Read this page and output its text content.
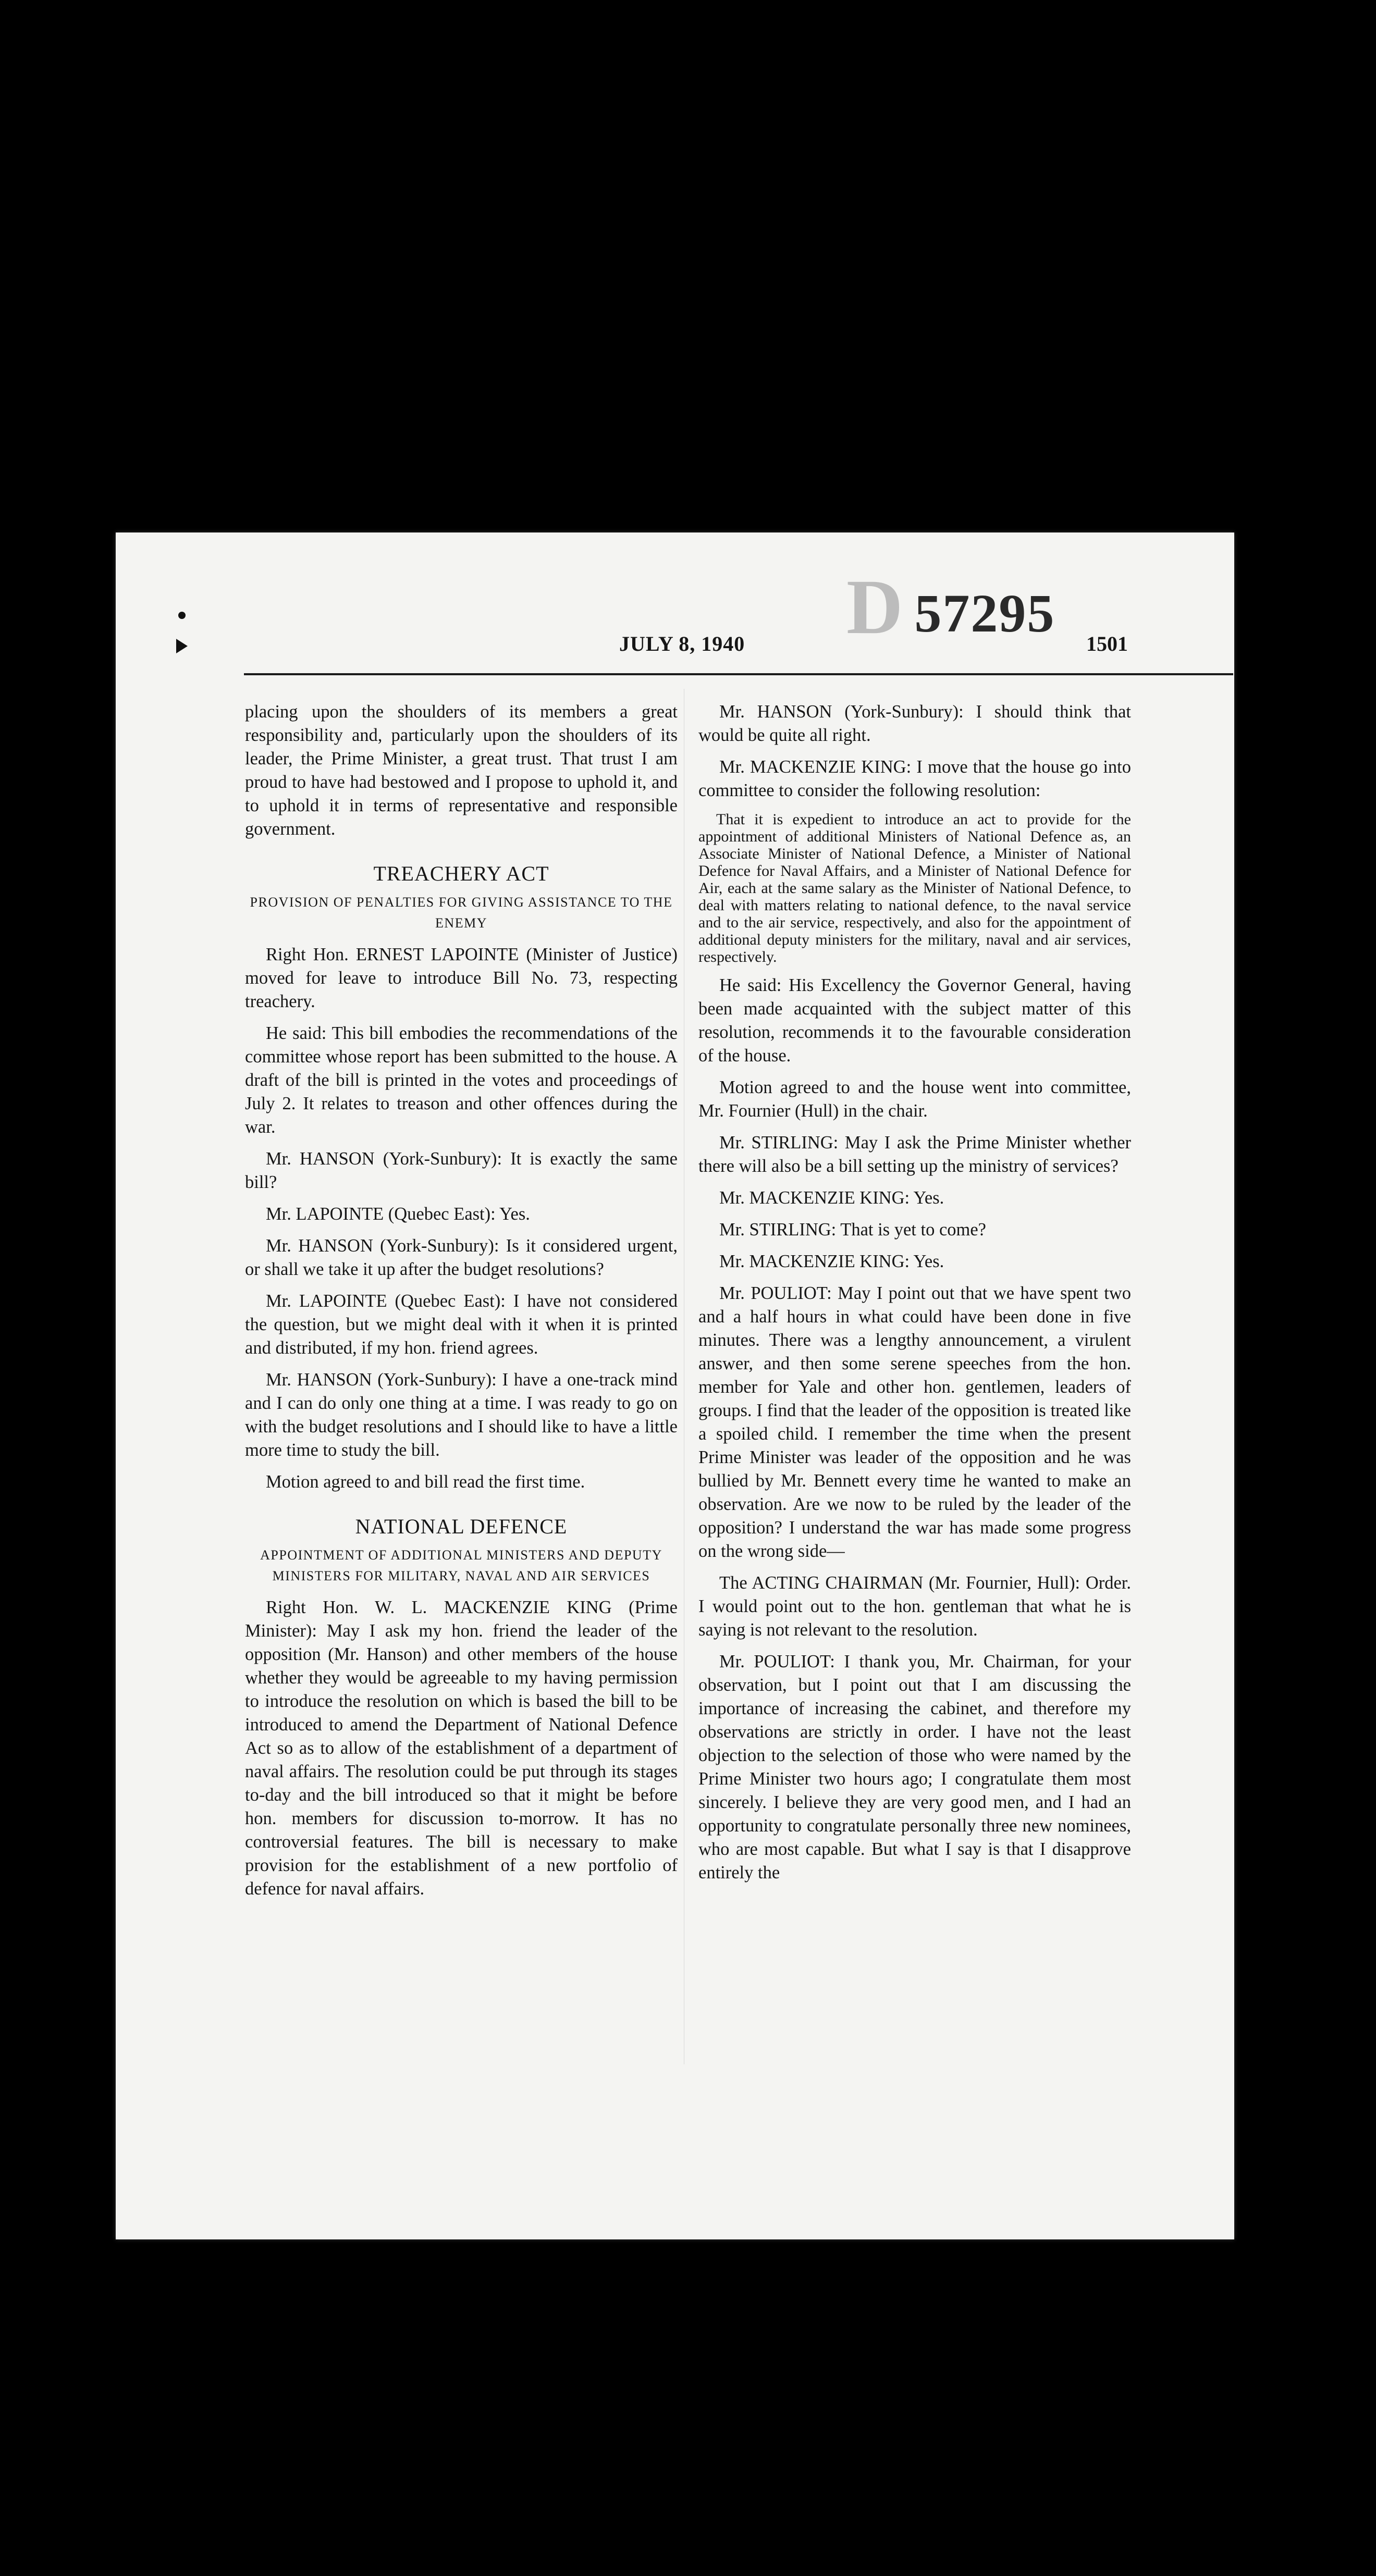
D 57295
JULY 8, 1940	1501

placing upon the shoulders of its members a great responsibility and, particularly upon the shoulders of its leader, the Prime Minister, a great trust. That trust I am proud to have had bestowed and I propose to uphold it, and to uphold it in terms of representative and responsible government.

TREACHERY ACT
PROVISION OF PENALTIES FOR GIVING ASSISTANCE TO THE ENEMY

Right Hon. ERNEST LAPOINTE (Minister of Justice) moved for leave to introduce Bill No. 73, respecting treachery.

He said: This bill embodies the recommendations of the committee whose report has been submitted to the house. A draft of the bill is printed in the votes and proceedings of July 2. It relates to treason and other offences during the war.

Mr. HANSON (York-Sunbury): It is exactly the same bill?

Mr. LAPOINTE (Quebec East): Yes.

Mr. HANSON (York-Sunbury): Is it considered urgent, or shall we take it up after the budget resolutions?

Mr. LAPOINTE (Quebec East): I have not considered the question, but we might deal with it when it is printed and distributed, if my hon. friend agrees.

Mr. HANSON (York-Sunbury): I have a one-track mind and I can do only one thing at a time. I was ready to go on with the budget resolutions and I should like to have a little more time to study the bill.

Motion agreed to and bill read the first time.

NATIONAL DEFENCE
APPOINTMENT OF ADDITIONAL MINISTERS AND DEPUTY MINISTERS FOR MILITARY, NAVAL AND AIR SERVICES

Right Hon. W. L. MACKENZIE KING (Prime Minister): May I ask my hon. friend the leader of the opposition (Mr. Hanson) and other members of the house whether they would be agreeable to my having permission to introduce the resolution on which is based the bill to be introduced to amend the Department of National Defence Act so as to allow of the establishment of a department of naval affairs. The resolution could be put through its stages to-day and the bill introduced so that it might be before hon. members for discussion to-morrow. It has no controversial features. The bill is necessary to make provision for the establishment of a new portfolio of defence for naval affairs.

Mr. HANSON (York-Sunbury): I should think that would be quite all right.

Mr. MACKENZIE KING: I move that the house go into committee to consider the following resolution:

That it is expedient to introduce an act to provide for the appointment of additional Ministers of National Defence as, an Associate Minister of National Defence, a Minister of National Defence for Naval Affairs, and a Minister of National Defence for Air, each at the same salary as the Minister of National Defence, to deal with matters relating to national defence, to the naval service and to the air service, respectively, and also for the appointment of additional deputy ministers for the military, naval and air services, respectively.

He said: His Excellency the Governor General, having been made acquainted with the subject matter of this resolution, recommends it to the favourable consideration of the house.

Motion agreed to and the house went into committee, Mr. Fournier (Hull) in the chair.

Mr. STIRLING: May I ask the Prime Minister whether there will also be a bill setting up the ministry of services?

Mr. MACKENZIE KING: Yes.

Mr. STIRLING: That is yet to come?

Mr. MACKENZIE KING: Yes.

Mr. POULIOT: May I point out that we have spent two and a half hours in what could have been done in five minutes. There was a lengthy announcement, a virulent answer, and then some serene speeches from the hon. member for Yale and other hon. gentlemen, leaders of groups. I find that the leader of the opposition is treated like a spoiled child. I remember the time when the present Prime Minister was leader of the opposition and he was bullied by Mr. Bennett every time he wanted to make an observation. Are we now to be ruled by the leader of the opposition? I understand the war has made some progress on the wrong side—

The ACTING CHAIRMAN (Mr. Fournier, Hull): Order. I would point out to the hon. gentleman that what he is saying is not relevant to the resolution.

Mr. POULIOT: I thank you, Mr. Chairman, for your observation, but I point out that I am discussing the importance of increasing the cabinet, and therefore my observations are strictly in order. I have not the least objection to the selection of those who were named by the Prime Minister two hours ago; I congratulate them most sincerely. I believe they are very good men, and I had an opportunity to congratulate personally three new nominees, who are most capable. But what I say is that I disapprove entirely the
